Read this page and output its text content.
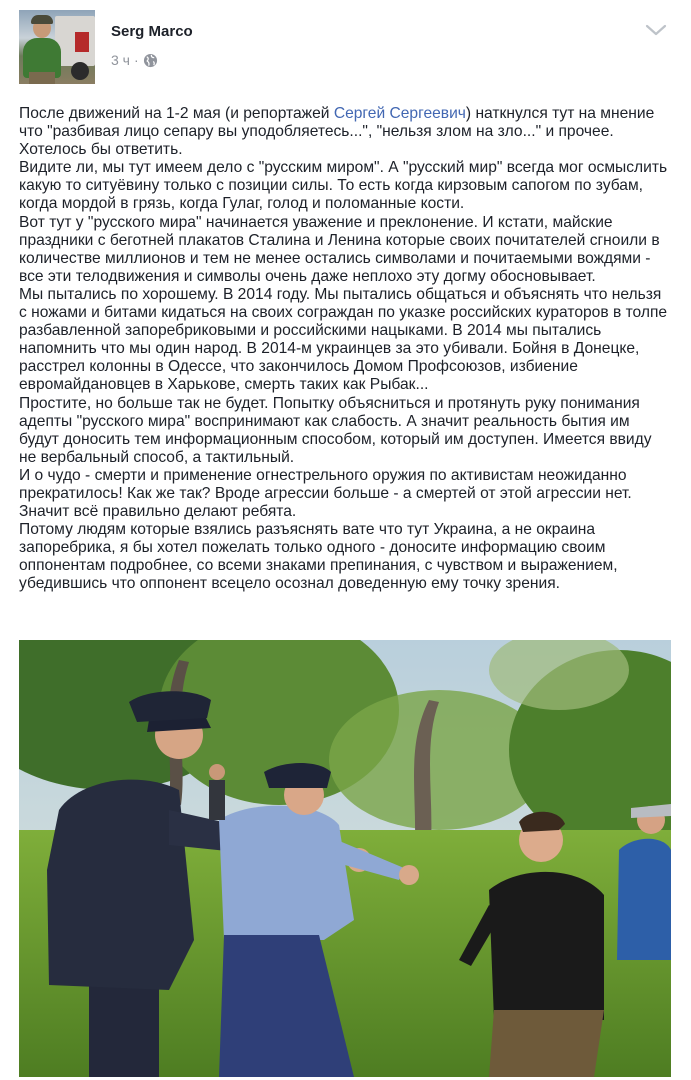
Serg Marco
3 ч ·

После движений на 1-2 мая (и репортажей Сергей Сергеевич) наткнулся тут на мнение что "разбивая лицо сепару вы уподобляетесь...", "нельзя злом на зло..." и прочее. Хотелось бы ответить.

Видите ли, мы тут имеем дело с "русским миром". А "русский мир" всегда мог осмыслить какую то ситуёвину только с позиции силы. То есть когда кирзовым сапогом по зубам, когда мордой в грязь, когда Гулаг, голод и поломанные кости.

Вот тут у "русского мира" начинается уважение и преклонение. И кстати, майские праздники с беготней плакатов Сталина и Ленина которые своих почитателей сгноили в количестве миллионов и тем не менее остались символами и почитаемыми вождями - все эти телодвижения и символы очень даже неплохо эту догму обосновывает.

Мы пытались по хорошему. В 2014 году. Мы пытались общаться и объяснять что нельзя с ножами и битами кидаться на своих сограждан по указке российских кураторов в толпе разбавленной запоребриковыми и российскими нацыками. В 2014 мы пытались напомнить что мы один народ. В 2014-м украинцев за это убивали. Бойня в Донецке, расстрел колонны в Одессе, что закончилось Домом Профсоюзов, избиение евромайдановцев в Харькове, смерть таких как Рыбак...

Простите, но больше так не будет. Попытку объясниться и протянуть руку понимания адепты "русского мира" воспринимают как слабость. А значит реальность бытия им будут доносить тем информационным способом, который им доступен. Имеется ввиду не вербальный способ, а тактильный.

И о чудо - смерти и применение огнестрельного оружия по активистам неожиданно прекратилось! Как же так? Вроде агрессии больше - а смертей от этой агрессии нет. Значит всё правильно делают ребята.

Потому людям которые взялись разъяснять вате что тут Украина, а не окраина запоребрика, я бы хотел пожелать только одного - доносите информацию своим оппонентам подробнее, со всеми знаками препинания, с чувством и выражением, убедившись что оппонент всецело осознал доведенную ему точку зрения.
